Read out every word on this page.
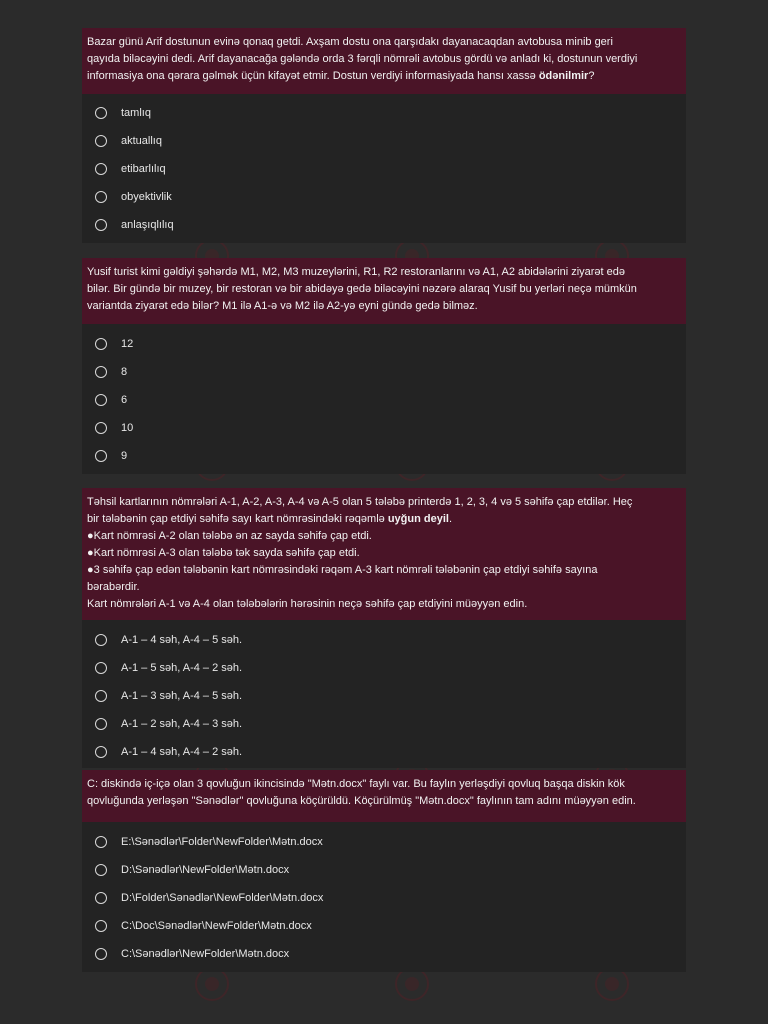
Bazar günü Arif dostunun evinə qonaq getdi. Axşam dostu ona qarşıdakı dayanacaqdan avtobusa minib geri
qayıda biləcəyini dedi. Arif dayanacağa gələndə orda 3 fərqli nömrəli avtobus gördü və anladı ki, dostunun verdiyi
informasiya ona qərara gəlmək üçün kifayət etmir. Dostun verdiyi informasiyada hansı xassə ödənilmir?
tamlıq
aktuallıq
etibarlılıq
obyektivlik
anlaşıqlılıq
Yusif turist kimi gəldiyi şəhərdə M1, M2, M3 muzeylərini, R1, R2 restoranlarını və A1, A2 abidələrini ziyarət edə
bilər. Bir gündə bir muzey, bir restoran və bir abidəyə gedə biləcəyini nəzərə alaraq Yusif bu yerləri neçə mümkün
variantda ziyarət edə bilər? M1 ilə A1-ə və M2 ilə A2-yə eyni gündə gedə bilməz.
12
8
6
10
9
Təhsil kartlarının nömrələri A-1, A-2, A-3, A-4 və A-5 olan 5 tələbə printerdə 1, 2, 3, 4 və 5 səhifə çap etdilər. Heç
bir tələbənin çap etdiyi səhifə sayı kart nömrəsindəki rəqəmlə uyğun deyil.
●Kart nömrəsi A-2 olan tələbə ən az sayda səhifə çap etdi.
●Kart nömrəsi A-3 olan tələbə tək sayda səhifə çap etdi.
●3 səhifə çap edən tələbənin kart nömrəsindəki rəqəm A-3 kart nömrəli tələbənin çap etdiyi səhifə sayına
bərabərdir.
Kart nömrələri A-1 və A-4 olan tələbələrin hərəsinin neçə səhifə çap etdiyini müəyyən edin.
A-1 – 4 səh, A-4 – 5 səh.
A-1 – 5 səh, A-4 – 2 səh.
A-1 – 3 səh, A-4 – 5 səh.
A-1 – 2 səh, A-4 – 3 səh.
A-1 – 4 səh, A-4 – 2 səh.
C: diskində iç-içə olan 3 qovluğun ikincisində "Mətn.docx" faylı var. Bu faylın yerləşdiyi qovluq başqa diskin kök
qovluğunda yerləşən "Sənədlər" qovluğuna köçürüldü. Köçürülmüş "Mətn.docx" faylının tam adını müəyyən edin.
E:\Sənədlər\Folder\NewFolder\Mətn.docx
D:\Sənədlər\NewFolder\Mətn.docx
D:\Folder\Sənədlər\NewFolder\Mətn.docx
C:\Doc\Sənədlər\NewFolder\Mətn.docx
C:\Sənədlər\NewFolder\Mətn.docx
